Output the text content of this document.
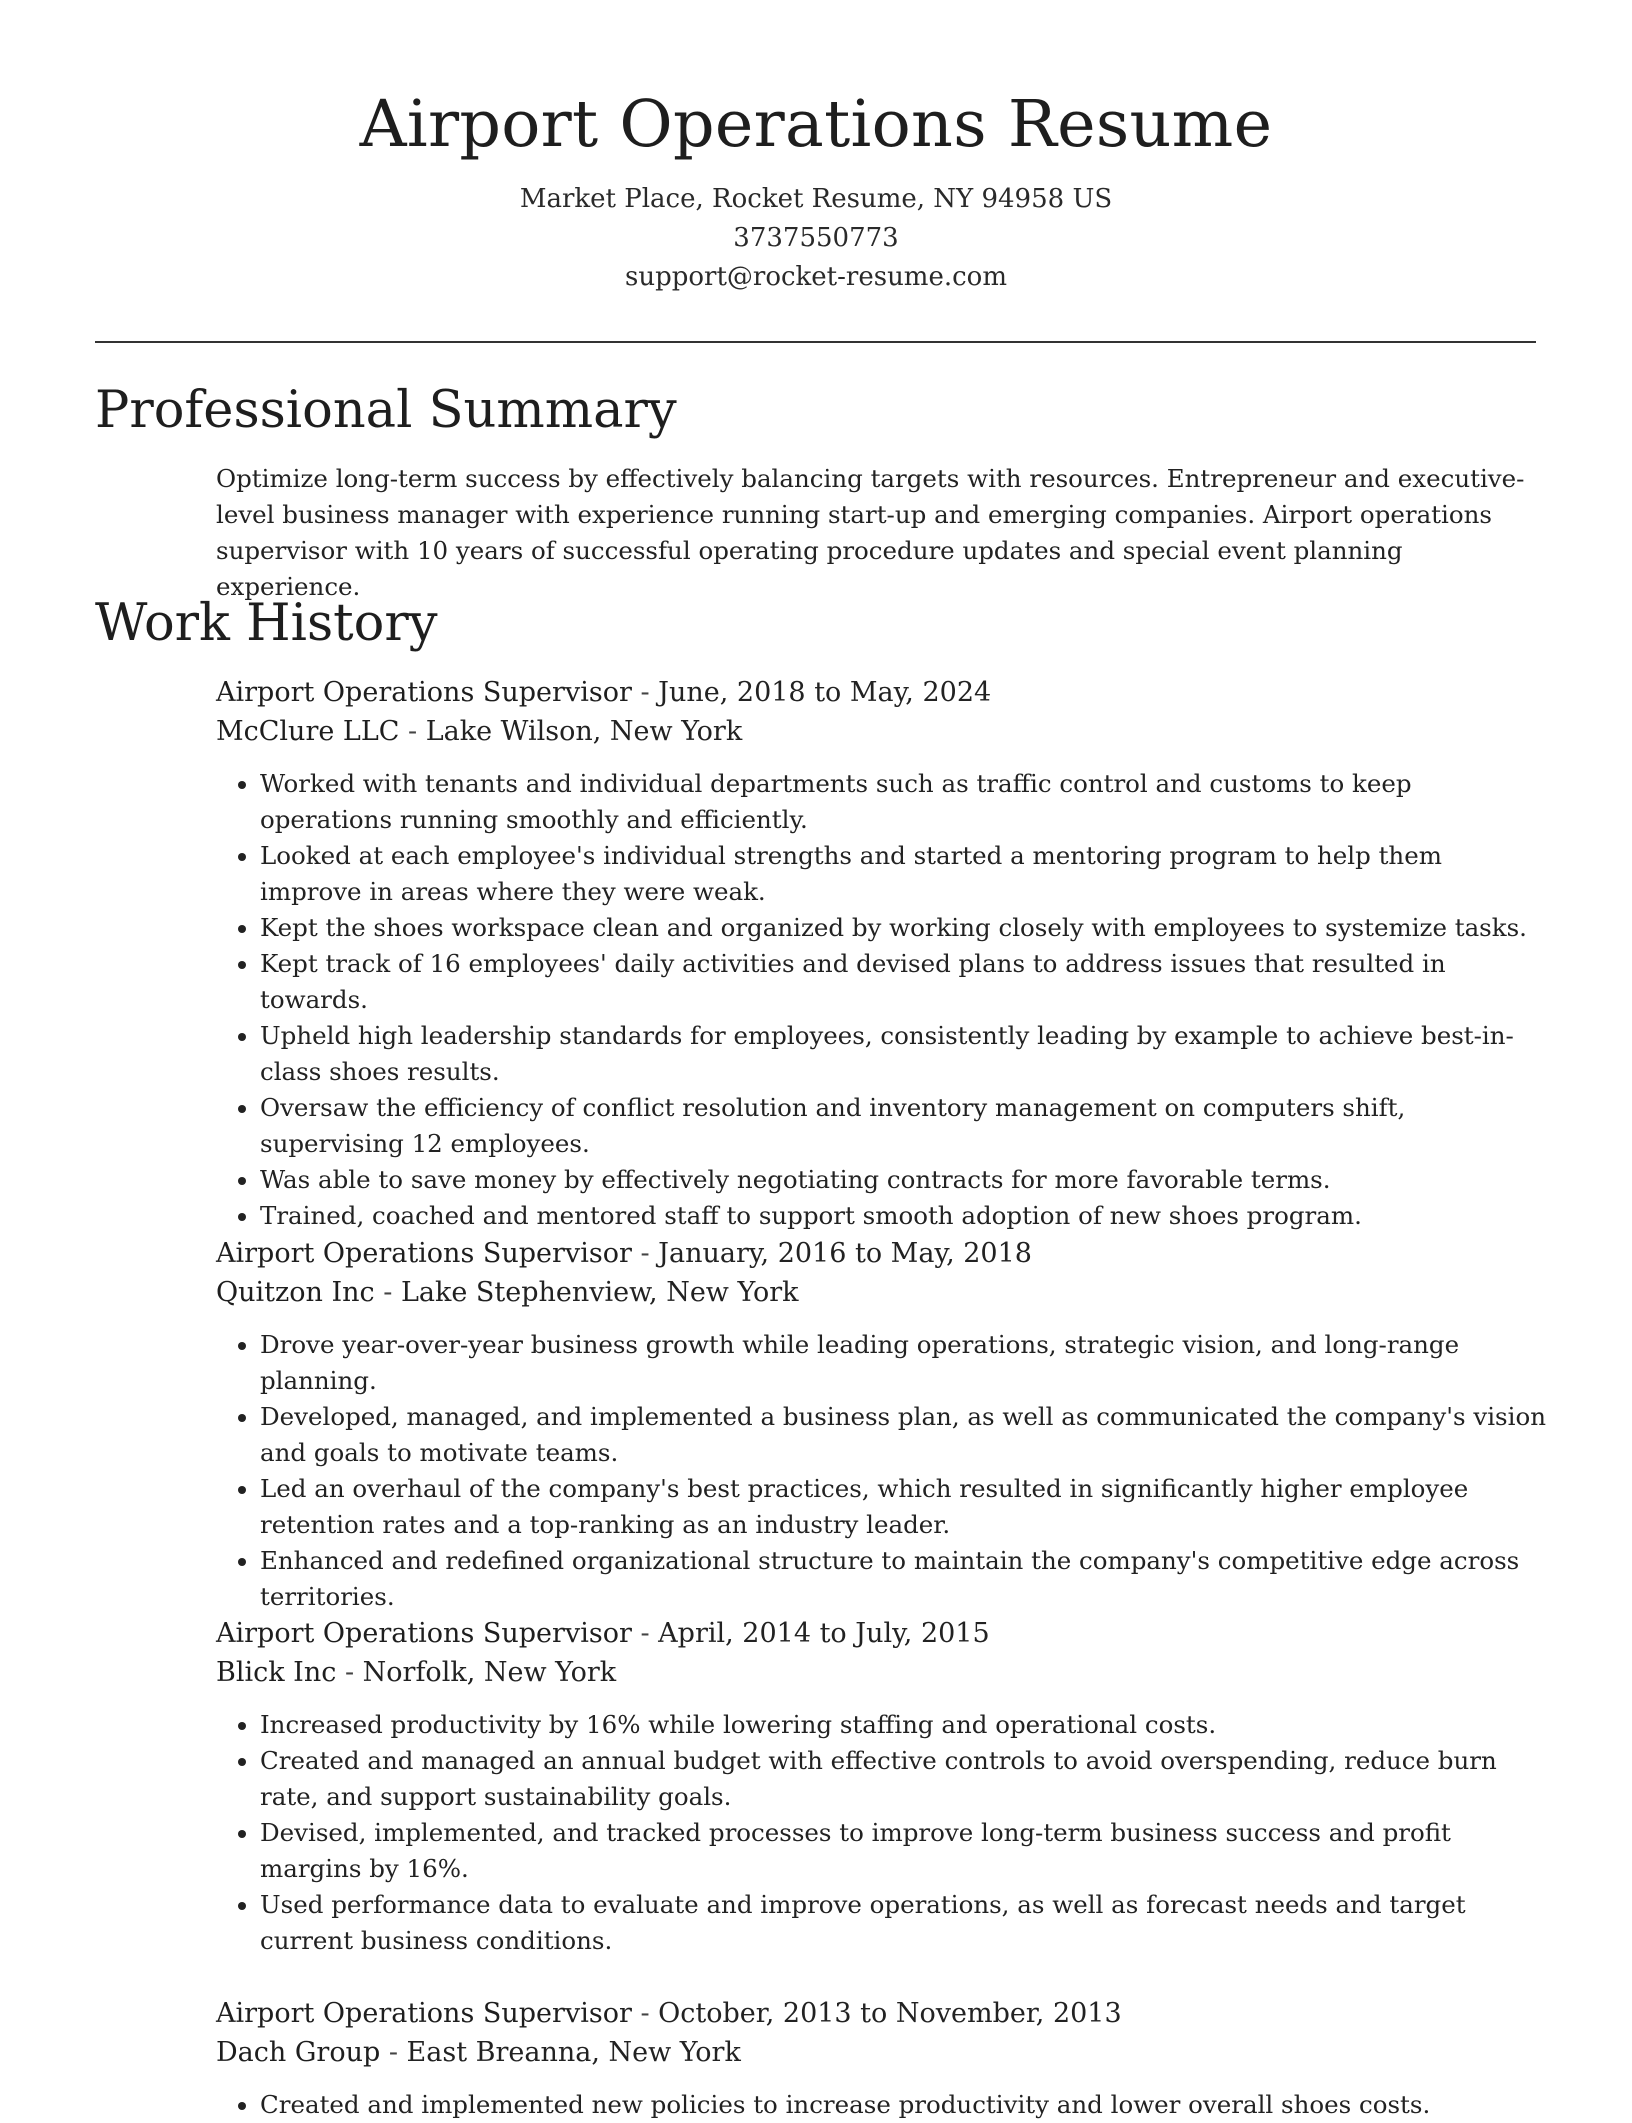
Airport Operations Resume
Market Place, Rocket Resume, NY 94958 US
3737550773
support@rocket-resume.com
Professional Summary

Optimize long-term success by effectively balancing targets with resources. Entrepreneur and executive-level business manager with experience running start-up and emerging companies. Airport operations supervisor with 10 years of successful operating procedure updates and special event planning experience.

Work History

Airport Operations Supervisor - June, 2018 to May, 2024

McClure LLC - Lake Wilson, New York

• Worked with tenants and individual departments such as traffic control and customs to keep operations running smoothly and efficiently.
• Looked at each employee's individual strengths and started a mentoring program to help them improve in areas where they were weak.
• Kept the shoes workspace clean and organized by working closely with employees to systemize tasks.
• Kept track of 16 employees' daily activities and devised plans to address issues that resulted in towards.
• Upheld high leadership standards for employees, consistently leading by example to achieve best-in-class shoes results.
• Oversaw the efficiency of conflict resolution and inventory management on computers shift, supervising 12 employees.
• Was able to save money by effectively negotiating contracts for more favorable terms.
• Trained, coached and mentored staff to support smooth adoption of new shoes program.

Airport Operations Supervisor - January, 2016 to May, 2018

Quitzon Inc - Lake Stephenview, New York

• Drove year-over-year business growth while leading operations, strategic vision, and long-range planning.
• Developed, managed, and implemented a business plan, as well as communicated the company's vision and goals to motivate teams.
• Led an overhaul of the company's best practices, which resulted in significantly higher employee retention rates and a top-ranking as an industry leader.
• Enhanced and redefined organizational structure to maintain the company's competitive edge across territories.

Airport Operations Supervisor - April, 2014 to July, 2015

Blick Inc - Norfolk, New York

• Increased productivity by 16% while lowering staffing and operational costs.
• Created and managed an annual budget with effective controls to avoid overspending, reduce burn rate, and support sustainability goals.
• Devised, implemented, and tracked processes to improve long-term business success and profit margins by 16%.
• Used performance data to evaluate and improve operations, as well as forecast needs and target current business conditions.

Airport Operations Supervisor - October, 2013 to November, 2013

Dach Group - East Breanna, New York

• Created and implemented new policies to increase productivity and lower overall shoes costs.
